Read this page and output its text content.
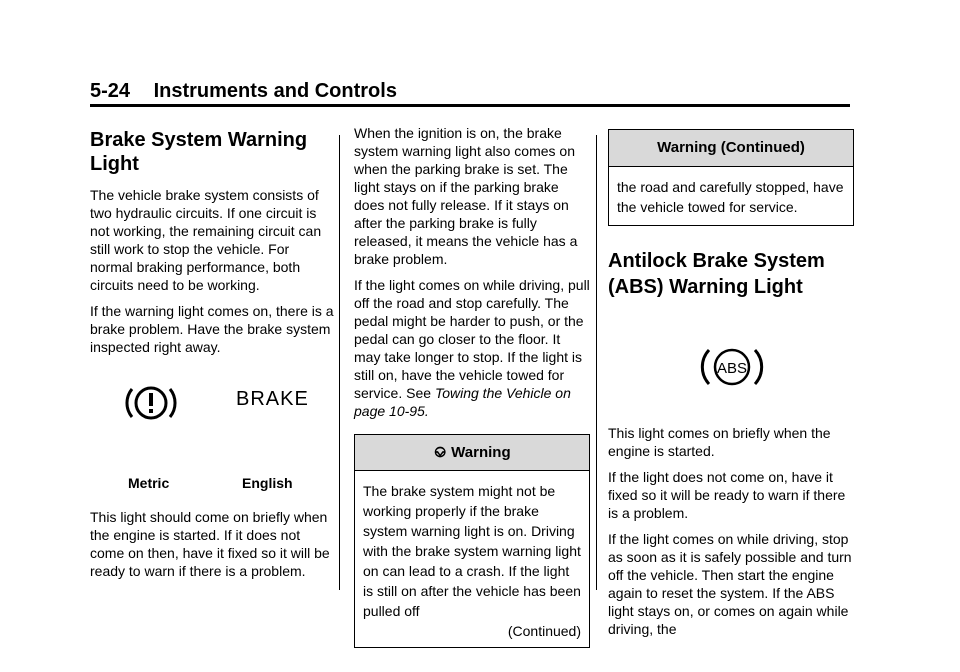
5-24 Instruments and Controls
Brake System Warning Light

The vehicle brake system consists of two hydraulic circuits. If one circuit is not working, the remaining circuit can still work to stop the vehicle. For normal braking performance, both circuits need to be working.

If the warning light comes on, there is a brake problem. Have the brake system inspected right away.

BRAKE
Metric	English

This light should come on briefly when the engine is started. If it does not come on then, have it fixed so it will be ready to warn if there is a problem.

When the ignition is on, the brake system warning light also comes on when the parking brake is set. The light stays on if the parking brake does not fully release. If it stays on after the parking brake is fully released, it means the vehicle has a brake problem.

If the light comes on while driving, pull off the road and stop carefully. The pedal might be harder to push, or the pedal can go closer to the floor. It may take longer to stop. If the light is still on, have the vehicle towed for service. See Towing the Vehicle on page 10-95.

⎉ Warning
The brake system might not be working properly if the brake system warning light is on. Driving with the brake system warning light on can lead to a crash. If the light is still on after the vehicle has been pulled off
(Continued)
Warning (Continued)
the road and carefully stopped, have the vehicle towed for service.
Antilock Brake System (ABS) Warning Light
ABS

This light comes on briefly when the engine is started.

If the light does not come on, have it fixed so it will be ready to warn if there is a problem.

If the light comes on while driving, stop as soon as it is safely possible and turn off the vehicle. Then start the engine again to reset the system. If the ABS light stays on, or comes on again while driving, the
